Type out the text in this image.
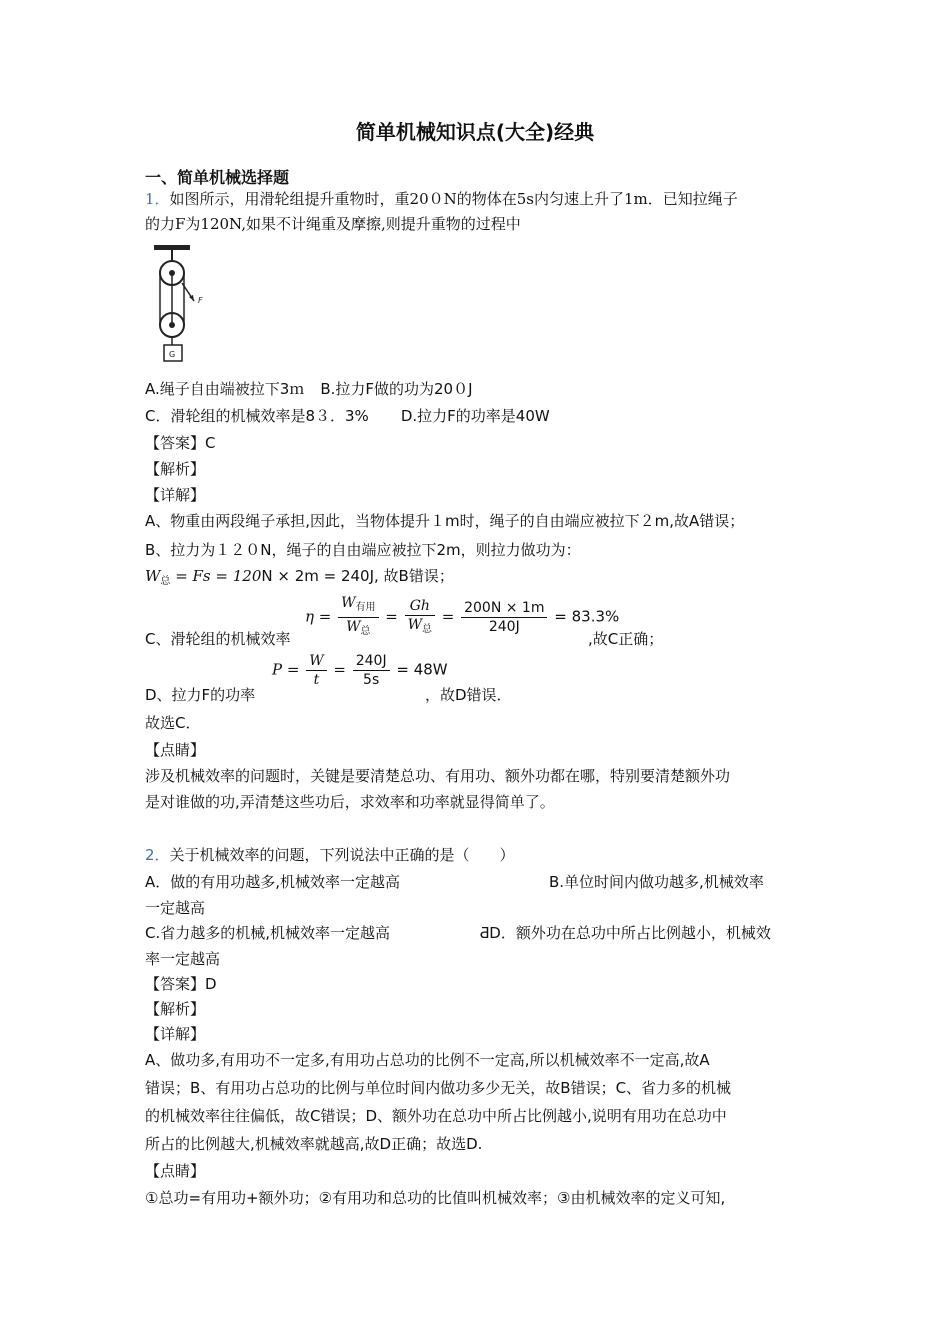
简单机械知识点(大全)经典
一、简单机械选择题
1．如图所示，用滑轮组提升重物时，重20０N的物体在5s内匀速上升了1m．已知拉绳子
的力F为120N,如果不计绳重及摩擦,则提升重物的过程中
F
G
A.绳子自由端被拉下3ｍ B.拉力F做的功为20０J
C．滑轮组的机械效率是8３．3% D.拉力F的功率是40W
【答案】C
【解析】
【详解】
A、物重由两段绳子承担,因此，当物体提升１m时，绳子的自由端应被拉下２m,故A错误；
B、拉力为１２０N，绳子的自由端应被拉下2m，则拉力做功为：
$W_总 = Fs = 120N \times 2m = 240J$, 故B错误；
C、滑轮组的机械效率
$\eta = \frac{W_{有用}}{W_总} = \frac{Gh}{W_总} = \frac{200N \times 1m}{240J} = 83.3\%$
,故C正确；
D、拉力F的功率
$P = \frac{W}{t} = \frac{240J}{5s} = 48W$
，故D错误．
故选C．
【点睛】
涉及机械效率的问题时，关键是要清楚总功、有用功、额外功都在哪，特别要清楚额外功
是对谁做的功,弄清楚这些功后，求效率和功率就显得简单了。
2．关于机械效率的问题，下列说法中正确的是（　　）
A．做的有用功越多,机械效率一定越高	B.单位时间内做功越多,机械效率
一定越高
C.省力越多的机械,机械效率一定越高	ƋD．额外功在总功中所占比例越小，机械效
率一定越高
【答案】D
【解析】
【详解】
A、做功多,有用功不一定多,有用功占总功的比例不一定高,所以机械效率不一定高,故A
错误；B、有用功占总功的比例与单位时间内做功多少无关，故B错误；C、省力多的机械
的机械效率往往偏低，故C错误；D、额外功在总功中所占比例越小,说明有用功在总功中
所占的比例越大,机械效率就越高,故D正确；故选D.
【点睛】
①总功=有用功+额外功；②有用功和总功的比值叫机械效率；③由机械效率的定义可知,
